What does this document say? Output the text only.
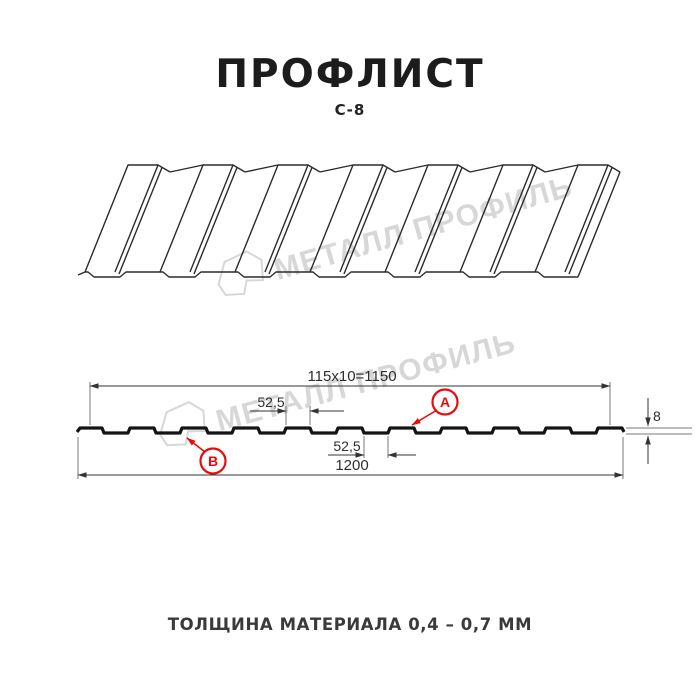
ПРОФЛИСТ
С-8
МЕТАЛЛ ПРОФИЛЬ
115x10=1150
1200
52,5
52,5
8
A
B
ТОЛЩИНА МАТЕРИАЛА 0,4 – 0,7 ММ
